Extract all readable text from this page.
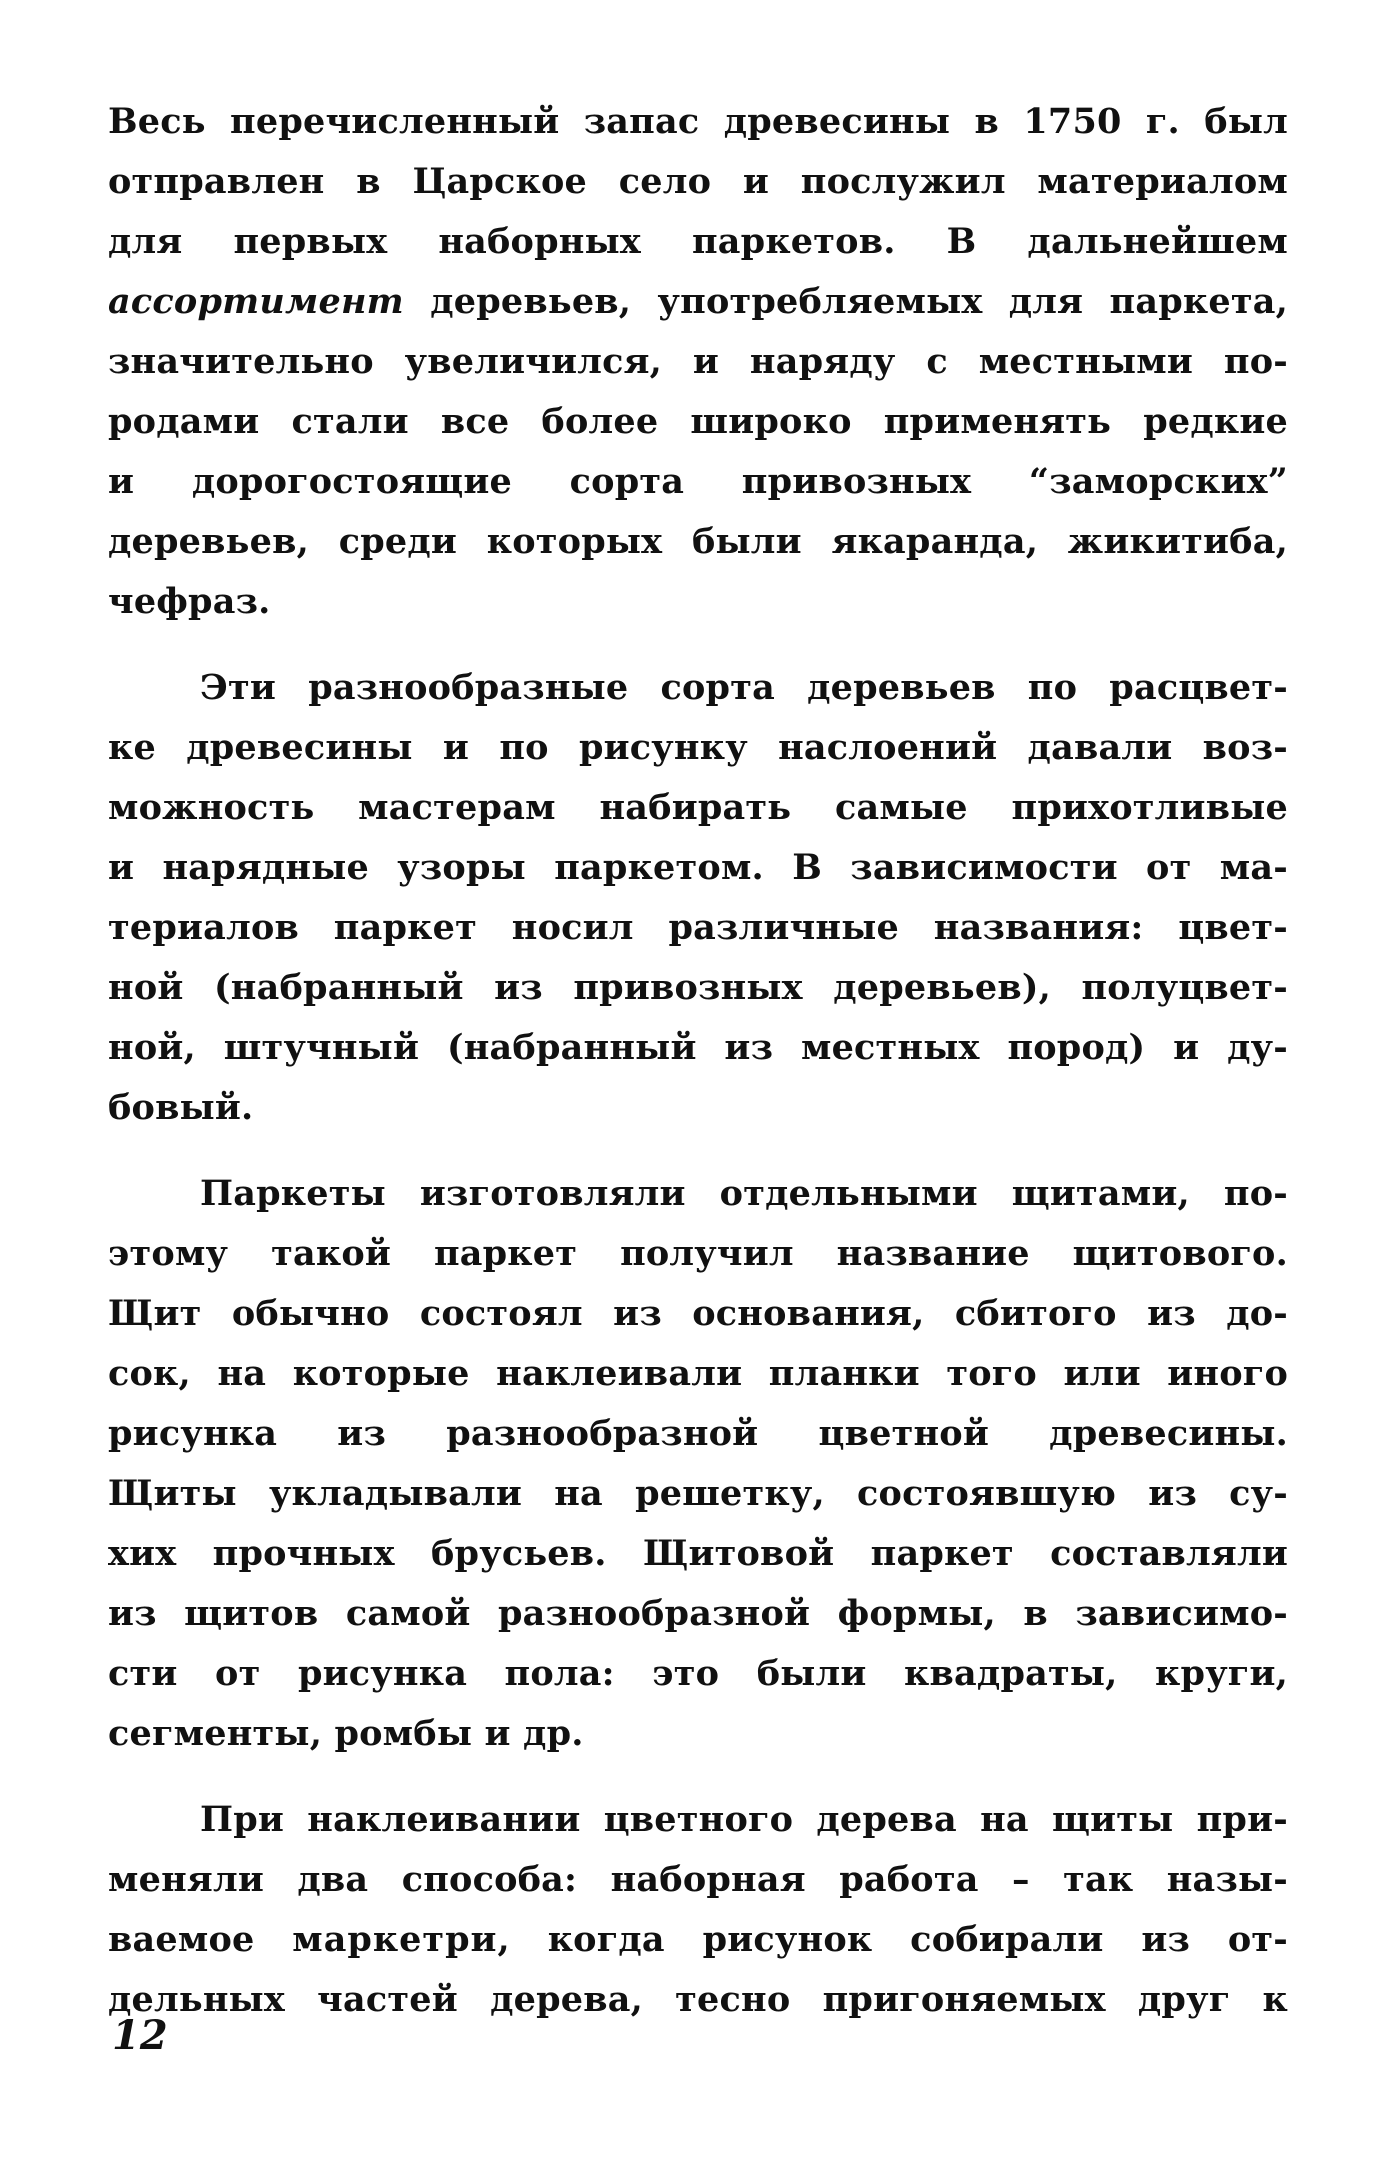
Весь перечисленный запас древесины в 1750 г. был
отправлен в Царское село и послужил материалом
для первых наборных паркетов. В дальнейшем
ассортимент деревьев, употребляемых для паркета,
значительно увеличился, и наряду с местными по-
родами стали все более широко применять редкие
и дорогостоящие сорта привозных “заморских”
деревьев, среди которых были якаранда, жикитиба,
чефраз.
Эти разнообразные сорта деревьев по расцвет-
ке древесины и по рисунку наслоений давали воз-
можность мастерам набирать самые прихотливые
и нарядные узоры паркетом. В зависимости от ма-
териалов паркет носил различные названия: цвет-
ной (набранный из привозных деревьев), полуцвет-
ной, штучный (набранный из местных пород) и ду-
бовый.
Паркеты изготовляли отдельными щитами, по-
этому такой паркет получил название щитового.
Щит обычно состоял из основания, сбитого из до-
сок, на которые наклеивали планки того или иного
рисунка из разнообразной цветной древесины.
Щиты укладывали на решетку, состоявшую из су-
хих прочных брусьев. Щитовой паркет составляли
из щитов самой разнообразной формы, в зависимо-
сти от рисунка пола: это были квадраты, круги,
сегменты, ромбы и др.
При наклеивании цветного дерева на щиты при-
меняли два способа: наборная работа – так назы-
ваемое маркетри, когда рисунок собирали из от-
дельных частей дерева, тесно пригоняемых друг к
12
